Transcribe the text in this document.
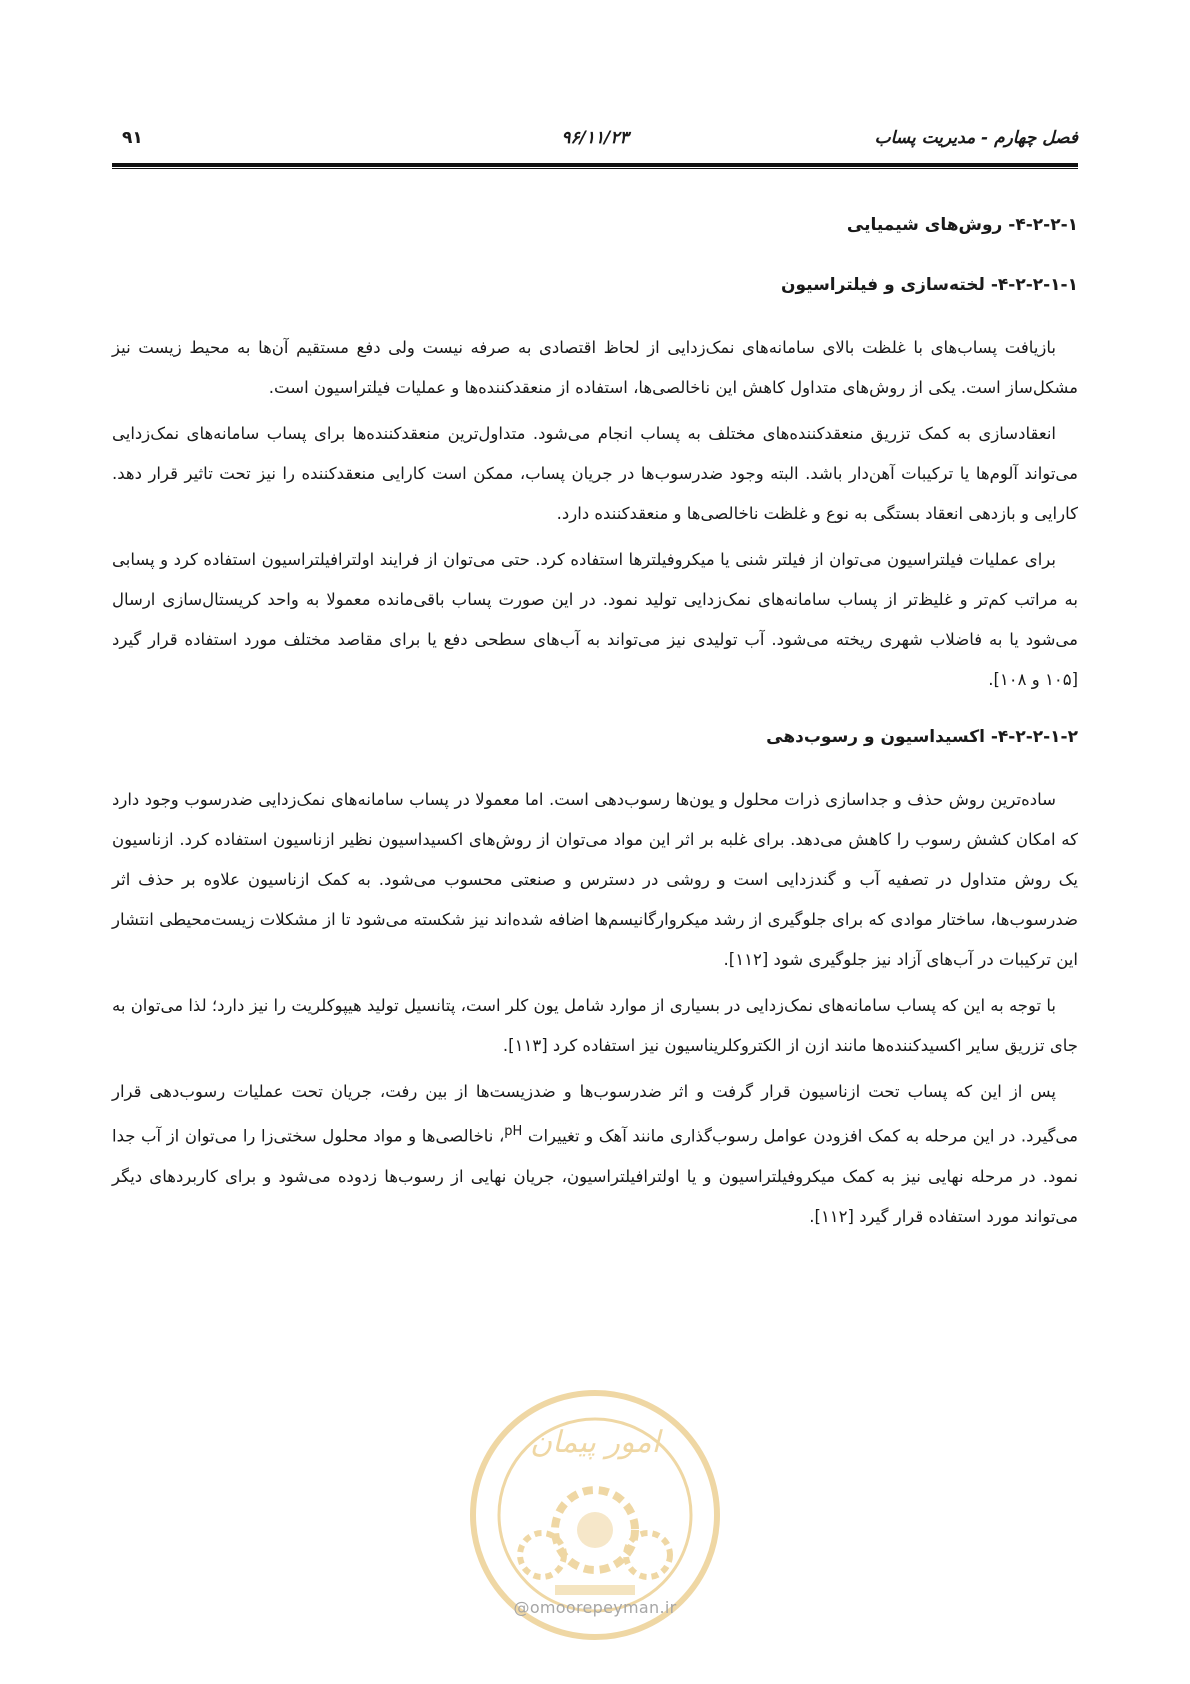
فصل چهارم - مدیریت پساب
۹۶/۱۱/۲۳
۹۱
۴-۲-۲-۱- روش‌های شیمیایی
۴-۲-۲-۱-۱- لخته‌سازی و فیلتراسیون

بازیافت پساب‌های با غلظت بالای سامانه‌های نمک‌زدایی از لحاظ اقتصادی به صرفه نیست ولی دفع مستقیم آن‌ها به محیط زیست نیز مشکل‌ساز است. یکی از روش‌های متداول کاهش این ناخالصی‌ها، استفاده از منعقدکننده‌ها و عملیات فیلتراسیون است.

انعقادسازی به کمک تزریق منعقدکننده‌های مختلف به پساب انجام می‌شود. متداول‌ترین منعقدکننده‌ها برای پساب سامانه‌های نمک‌زدایی می‌تواند آلوم‌ها یا ترکیبات آهن‌دار باشد. البته وجود ضدرسوب‌ها در جریان پساب، ممکن است کارایی منعقدکننده را نیز تحت تاثیر قرار دهد. کارایی و بازدهی انعقاد بستگی به نوع و غلظت ناخالصی‌ها و منعقدکننده دارد.

برای عملیات فیلتراسیون می‌توان از فیلتر شنی یا میکروفیلترها استفاده کرد. حتی می‌توان از فرایند اولترافیلتراسیون استفاده کرد و پسابی به مراتب کم‌تر و غلیظ‌تر از پساب سامانه‌های نمک‌زدایی تولید نمود. در این صورت پساب باقی‌مانده معمولا به واحد کریستال‌سازی ارسال می‌شود یا به فاضلاب شهری ریخته می‌شود. آب تولیدی نیز می‌تواند به آب‌های سطحی دفع یا برای مقاصد مختلف مورد استفاده قرار گیرد [۱۰۵ و ۱۰۸].

۴-۲-۲-۱-۲- اکسیداسیون و رسوب‌دهی

ساده‌ترین روش حذف و جداسازی ذرات محلول و یون‌ها رسوب‌دهی است. اما معمولا در پساب سامانه‌های نمک‌زدایی ضدرسوب وجود دارد که امکان کشش رسوب را کاهش می‌دهد. برای غلبه بر اثر این مواد می‌توان از روش‌های اکسیداسیون نظیر ازناسیون استفاده کرد. ازناسیون یک روش متداول در تصفیه آب و گندزدایی است و روشی در دسترس و صنعتی محسوب می‌شود. به کمک ازناسیون علاوه بر حذف اثر ضدرسوب‌ها، ساختار موادی که برای جلوگیری از رشد میکروارگانیسم‌ها اضافه شده‌اند نیز شکسته می‌شود تا از مشکلات زیست‌محیطی انتشار این ترکیبات در آب‌های آزاد نیز جلوگیری شود [۱۱۲].

با توجه به این که پساب سامانه‌های نمک‌زدایی در بسیاری از موارد شامل یون کلر است، پتانسیل تولید هیپوکلریت را نیز دارد؛ لذا می‌توان به جای تزریق سایر اکسیدکننده‌ها مانند ازن از الکتروکلریناسیون نیز استفاده کرد [۱۱۳].

پس از این که پساب تحت ازناسیون قرار گرفت و اثر ضدرسوب‌ها و ضدزیست‌ها از بین رفت، جریان تحت عملیات رسوب‌دهی قرار می‌گیرد. در این مرحله به کمک افزودن عوامل رسوب‌گذاری مانند آهک و تغییرات $^{pH}$، ناخالصی‌ها و مواد محلول سختی‌زا را می‌توان از آب جدا نمود. در مرحله نهایی نیز به کمک میکروفیلتراسیون و یا اولترافیلتراسیون، جریان نهایی از رسوب‌ها زدوده می‌شود و برای کاربردهای دیگر می‌تواند مورد استفاده قرار گیرد [۱۱۲].

امور پیمان
@omoorepeyman.ir
